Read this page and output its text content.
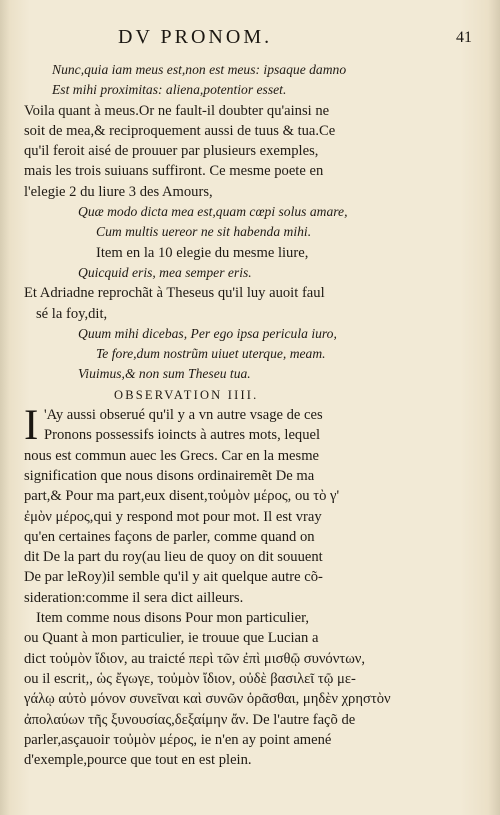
DV PRONOM.	41
Nunc,quia iam meus est,non est meus: ipsaque damno
Est mihi proximitas: aliena,potentior esset.
Voila quant à meus.Or ne fault-il doubter qu'ainsi ne
soit de mea,& reciproquement aussi de tuus & tua.Ce
qu'il feroit aisé de prouuer par plusieurs exemples,
mais les trois suiuans suffiront. Ce mesme poete en
l'elegie 2 du liure 3 des Amours,
Quæ modo dicta mea est,quam cœpi solus amare,
Cum multis uereor ne sit habenda mihi.
Item en la 10 elegie du mesme liure,
Quicquid eris, mea semper eris.
Et Adriadne reprochãt à Theseus qu'il luy auoit faul
sé la foy,dit,
Quum mihi dicebas, Per ego ipsa pericula iuro,
Te fore,dum nostrũm uiuet uterque, meam.
Viuimus,& non sum Theseu tua.
OBSERVATION IIII.
I 'Ay aussi obserué qu'il y a vn autre vsage de ces
Pronons possessifs ioincts à autres mots, lequel
nous est commun auec les Grecs. Car en la mesme
signification que nous disons ordinairemẽt De ma
part,& Pour ma part,eux disent,τοὐμὸν μέρος, ou τὸ γ'
ἐμὸν μέρος,qui y respond mot pour mot. Il est vray
qu'en certaines façons de parler, comme quand on
dit De la part du roy(au lieu de quoy on dit souuent
De par leRoy)il semble qu'il y ait quelque autre cõ-
sideration:comme il sera dict ailleurs.
Item comme nous disons Pour mon particulier,
ou Quant à mon particulier, ie trouue que Lucian a
dict τοὐμὸν ἴδιον, au traicté περὶ τῶν ἐπὶ μισθῷ συνόντων,
ou il escrit,, ὡς ἔγωγε, τοὐμὸν ἴδιον, οὐδὲ βασιλεῖ τῷ με-
γάλῳ αὐτὸ μόνον συνεῖναι καὶ συνῶν ὁρᾶσθαι, μηδὲν χρηστὸν
ἀπολαύων τῆς ξυνουσίας,δεξαίμην ἄν. De l'autre façõ de
parler,asçauoir τοὐμὸν μέρος, ie n'en ay point amené
d'exemple,pource que tout en est plein.
